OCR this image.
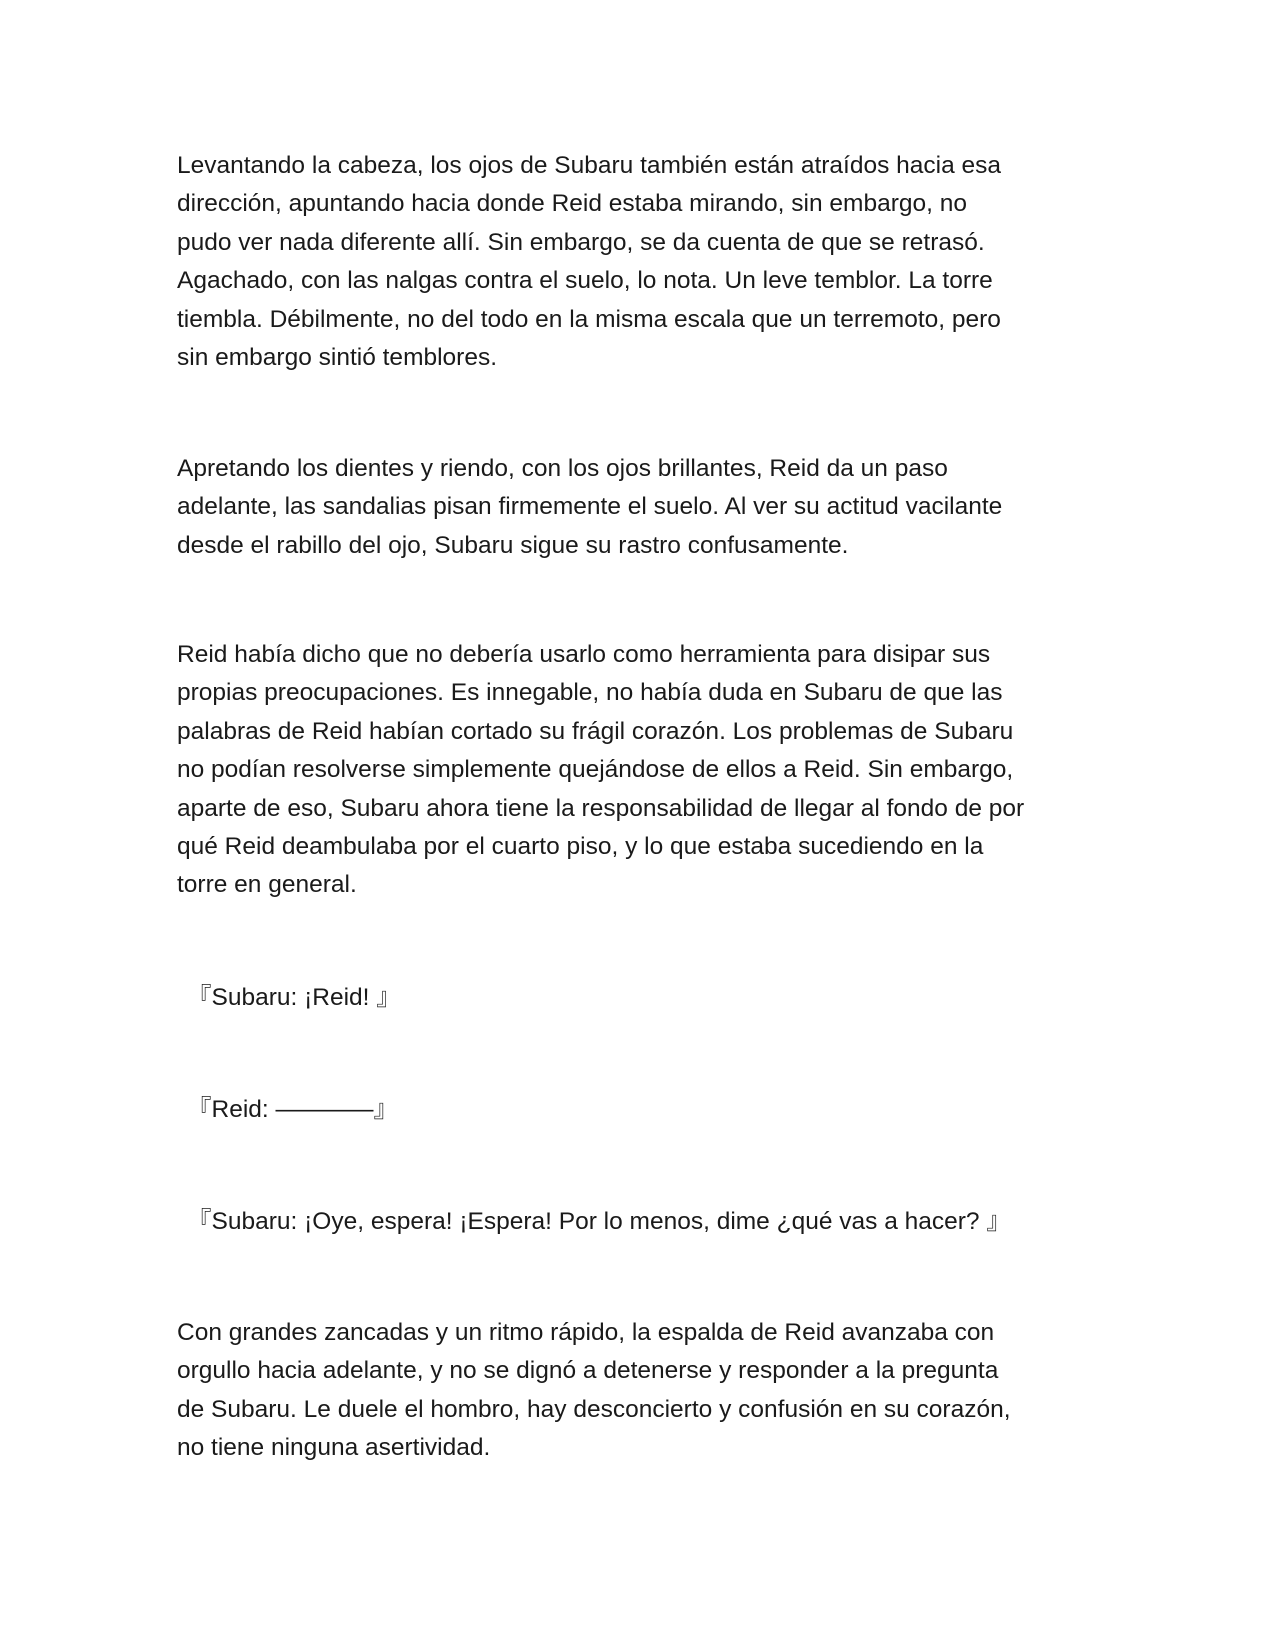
Levantando la cabeza, los ojos de Subaru también están atraídos hacia esa
dirección, apuntando hacia donde Reid estaba mirando, sin embargo, no
pudo ver nada diferente allí. Sin embargo, se da cuenta de que se retrasó.
Agachado, con las nalgas contra el suelo, lo nota. Un leve temblor. La torre
tiembla. Débilmente, no del todo en la misma escala que un terremoto, pero
sin embargo sintió temblores.

Apretando los dientes y riendo, con los ojos brillantes, Reid da un paso
adelante, las sandalias pisan firmemente el suelo. Al ver su actitud vacilante
desde el rabillo del ojo, Subaru sigue su rastro confusamente.

Reid había dicho que no debería usarlo como herramienta para disipar sus
propias preocupaciones. Es innegable, no había duda en Subaru de que las
palabras de Reid habían cortado su frágil corazón. Los problemas de Subaru
no podían resolverse simplemente quejándose de ellos a Reid. Sin embargo,
aparte de eso, Subaru ahora tiene la responsabilidad de llegar al fondo de por
qué Reid deambulaba por el cuarto piso, y lo que estaba sucediendo en la
torre en general.

『Subaru: ¡Reid! 』

『Reid: ————』

『Subaru: ¡Oye, espera! ¡Espera! Por lo menos, dime ¿qué vas a hacer? 』

Con grandes zancadas y un ritmo rápido, la espalda de Reid avanzaba con
orgullo hacia adelante, y no se dignó a detenerse y responder a la pregunta
de Subaru. Le duele el hombro, hay desconcierto y confusión en su corazón,
no tiene ninguna asertividad.
